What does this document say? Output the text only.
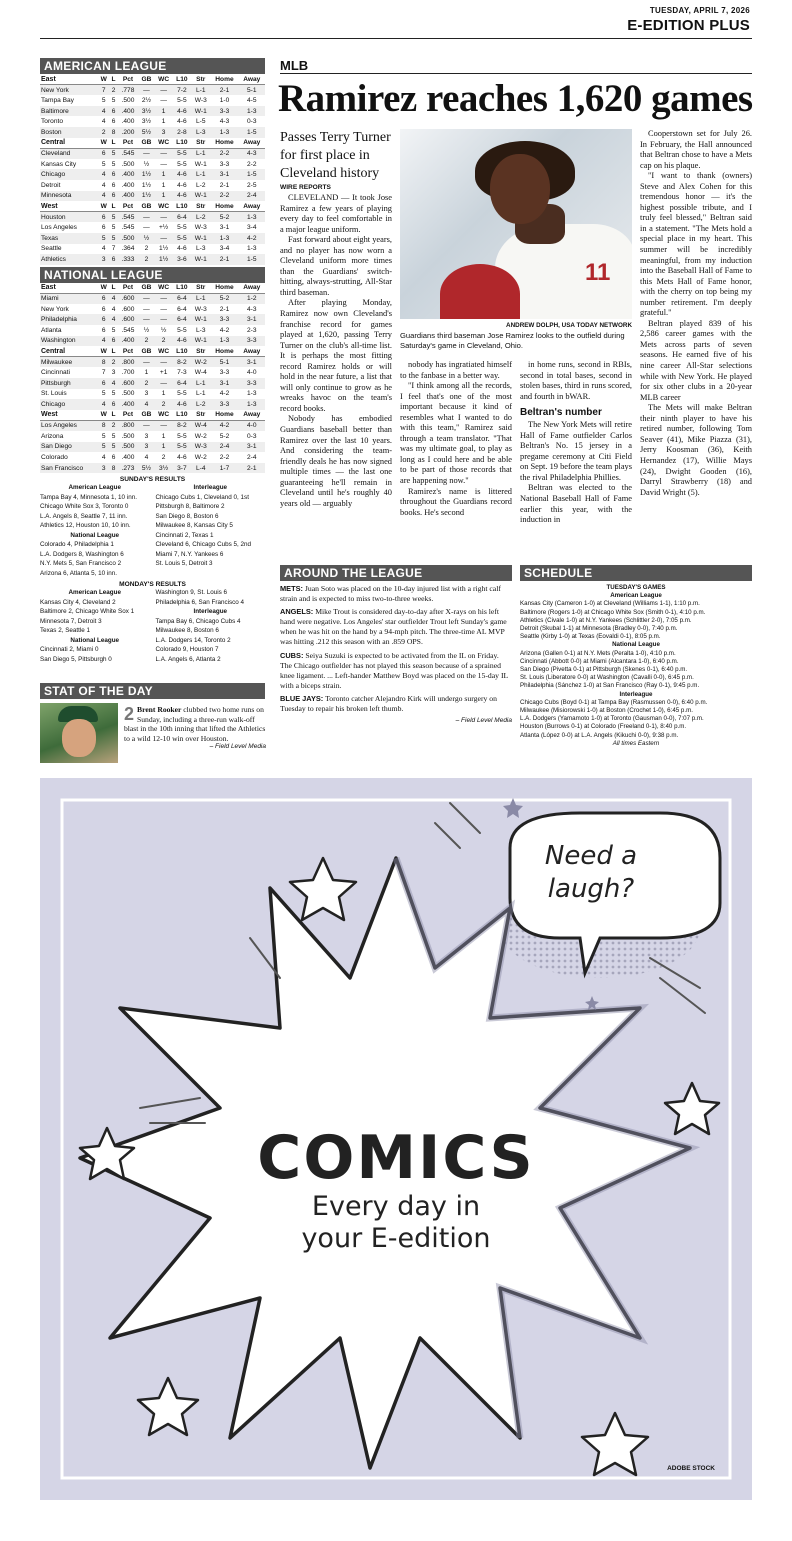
TUESDAY, APRIL 7, 2026
E-EDITION PLUS
AMERICAN LEAGUE
East	W	L	Pct	GB	WC	L10	Str	Home	Away
New York	7	2	.778	—	—	7-2	L-1	2-1	5-1
Tampa Bay	5	5	.500	2½	—	5-5	W-3	1-0	4-5
Baltimore	4	6	.400	3½	1	4-6	W-1	3-3	1-3
Toronto	4	6	.400	3½	1	4-6	L-5	4-3	0-3
Boston	2	8	.200	5½	3	2-8	L-3	1-3	1-5
Central	W	L	Pct	GB	WC	L10	Str	Home	Away
Cleveland	6	5	.545	—	—	5-5	L-1	2-2	4-3
Kansas City	5	5	.500	½	—	5-5	W-1	3-3	2-2
Chicago	4	6	.400	1½	1	4-6	L-1	3-1	1-5
Detroit	4	6	.400	1½	1	4-6	L-2	2-1	2-5
Minnesota	4	6	.400	1½	1	4-6	W-1	2-2	2-4
West	W	L	Pct	GB	WC	L10	Str	Home	Away
Houston	6	5	.545	—	—	6-4	L-2	5-2	1-3
Los Angeles	6	5	.545	—	+½	5-5	W-3	3-1	3-4
Texas	5	5	.500	½	—	5-5	W-1	1-3	4-2
Seattle	4	7	.364	2	1½	4-6	L-3	3-4	1-3
Athletics	3	6	.333	2	1½	3-6	W-1	2-1	1-5
NATIONAL LEAGUE
East	W	L	Pct	GB	WC	L10	Str	Home	Away
Miami	6	4	.600	—	—	6-4	L-1	5-2	1-2
New York	6	4	.600	—	—	6-4	W-3	2-1	4-3
Philadelphia	6	4	.600	—	—	6-4	W-1	3-3	3-1
Atlanta	6	5	.545	½	½	5-5	L-3	4-2	2-3
Washington	4	6	.400	2	2	4-6	W-1	1-3	3-3
Central	W	L	Pct	GB	WC	L10	Str	Home	Away
Milwaukee	8	2	.800	—	—	8-2	W-2	5-1	3-1
Cincinnati	7	3	.700	1	+1	7-3	W-4	3-3	4-0
Pittsburgh	6	4	.600	2	—	6-4	L-1	3-1	3-3
St. Louis	5	5	.500	3	1	5-5	L-1	4-2	1-3
Chicago	4	6	.400	4	2	4-6	L-2	3-3	1-3
West	W	L	Pct	GB	WC	L10	Str	Home	Away
Los Angeles	8	2	.800	—	—	8-2	W-4	4-2	4-0
Arizona	5	5	.500	3	1	5-5	W-2	5-2	0-3
San Diego	5	5	.500	3	1	5-5	W-3	2-4	3-1
Colorado	4	6	.400	4	2	4-6	W-2	2-2	2-4
San Francisco	3	8	.273	5½	3½	3-7	L-4	1-7	2-1
SUNDAY'S RESULTS
American League
Tampa Bay 4, Minnesota 1, 10 inn.
Chicago White Sox 3, Toronto 0
L.A. Angels 8, Seattle 7, 11 inn.
Athletics 12, Houston 10, 10 inn.
National League
Colorado 4, Philadelphia 1
L.A. Dodgers 8, Washington 6
N.Y. Mets 5, San Francisco 2
Arizona 6, Atlanta 5, 10 inn.
Interleague
Chicago Cubs 1, Cleveland 0, 1st
Pittsburgh 8, Baltimore 2
San Diego 8, Boston 6
Milwaukee 8, Kansas City 5
Cincinnati 2, Texas 1
Cleveland 6, Chicago Cubs 5, 2nd
Miami 7, N.Y. Yankees 6
St. Louis 5, Detroit 3
MONDAY'S RESULTS
American League
Kansas City 4, Cleveland 2
Baltimore 2, Chicago White Sox 1
Minnesota 7, Detroit 3
Texas 2, Seattle 1
National League
Cincinnati 2, Miami 0
San Diego 5, Pittsburgh 0
Washington 9, St. Louis 6
Philadelphia 6, San Francisco 4
Interleague
Tampa Bay 6, Chicago Cubs 4
Milwaukee 8, Boston 6
L.A. Dodgers 14, Toronto 2
Colorado 9, Houston 7
L.A. Angels 6, Atlanta 2
STAT OF THE DAY
2 Brent Rooker clubbed two home runs on Sunday, including a three-run walk-off blast in the 10th inning that lifted the Athletics to a wild 12-10 win over Houston.
– Field Level Media
MLB
Ramirez reaches 1,620 games
Passes Terry Turner for first place in Cleveland history
WIRE REPORTS

CLEVELAND — It took Jose Ramirez a few years of playing every day to feel comfortable in a major league uniform.

Fast forward about eight years, and no player has now worn a Cleveland uniform more times than the Guardians' switch-hitting, always-strutting, All-Star third baseman.

After playing Monday, Ramirez now own Cleveland's franchise record for games played at 1,620, passing Terry Turner on the club's all-time list. It is perhaps the most fitting record Ramirez holds or will hold in the near future, a list that will only continue to grow as he wreaks havoc on the team's record books.

Nobody has embodied Guardians baseball better than Ramirez over the last 10 years. And considering the team-friendly deals he has now signed multiple times — the last one guaranteeing he'll remain in Cleveland until he's roughly 40 years old — arguably

11
ANDREW DOLPH, USA TODAY NETWORK
Guardians third baseman Jose Ramirez looks to the outfield during Saturday's game in Cleveland, Ohio.

nobody has ingratiated himself to the fanbase in a better way.

"I think among all the records, I feel that's one of the most important because it kind of resembles what I wanted to do with this team," Ramirez said through a team translator. "That was my ultimate goal, to play as long as I could here and be able to be part of those records that are happening now."

Ramirez's name is littered throughout the Guardians record books. He's second

in home runs, second in RBIs, second in total bases, second in stolen bases, third in runs scored, and fourth in bWAR.

Beltran's number

The New York Mets will retire Hall of Fame outfielder Carlos Beltran's No. 15 jersey in a pregame ceremony at Citi Field on Sept. 19 before the team plays the rival Philadelphia Phillies.

Beltran was elected to the National Baseball Hall of Fame earlier this year, with the induction in

Cooperstown set for July 26. In February, the Hall announced that Beltran chose to have a Mets cap on his plaque.

"I want to thank (owners) Steve and Alex Cohen for this tremendous honor — it's the highest possible tribute, and I truly feel blessed," Beltran said in a statement. "The Mets hold a special place in my heart. This summer will be incredibly meaningful, from my induction into the Baseball Hall of Fame to this Mets Hall of Fame honor, with the cherry on top being my number retirement. I'm deeply grateful."

Beltran played 839 of his 2,586 career games with the Mets across parts of seven seasons. He earned five of his nine career All-Star selections while with New York. He played for six other clubs in a 20-year MLB career

The Mets will make Beltran their ninth player to have his retired number, following Tom Seaver (41), Mike Piazza (31), Jerry Koosman (36), Keith Hernandez (17), Willie Mays (24), Dwight Gooden (16), Darryl Strawberry (18) and David Wright (5).

AROUND THE LEAGUE

METS: Juan Soto was placed on the 10-day injured list with a right calf strain and is expected to miss two-to-three weeks.

ANGELS: Mike Trout is considered day-to-day after X-rays on his left hand were negative. Los Angeles' star outfielder Trout left Sunday's game when he was hit on the hand by a 94-mph pitch. The three-time AL MVP was hitting .212 this season with an .859 OPS.

CUBS: Seiya Suzuki is expected to be activated from the IL on Friday. The Chicago outfielder has not played this season because of a sprained knee ligament. ... Left-hander Matthew Boyd was placed on the 15-day IL with a biceps strain.

BLUE JAYS: Toronto catcher Alejandro Kirk will undergo surgery on Tuesday to repair his broken left thumb.

– Field Level Media
SCHEDULE
TUESDAY'S GAMES
American League
Kansas City (Cameron 1-0) at Cleveland (Williams 1-1), 1:10 p.m.
Baltimore (Rogers 1-0) at Chicago White Sox (Smith 0-1), 4:10 p.m.
Athletics (Civale 1-0) at N.Y. Yankees (Schlittler 2-0), 7:05 p.m.
Detroit (Skubal 1-1) at Minnesota (Bradley 0-0), 7:40 p.m.
Seattle (Kirby 1-0) at Texas (Eovaldi 0-1), 8:05 p.m.
National League
Arizona (Gallen 0-1) at N.Y. Mets (Peralta 1-0), 4:10 p.m.
Cincinnati (Abbott 0-0) at Miami (Alcantara 1-0), 6:40 p.m.
San Diego (Pivetta 0-1) at Pittsburgh (Skenes 0-1), 6:40 p.m.
St. Louis (Liberatore 0-0) at Washington (Cavalli 0-0), 6:45 p.m.
Philadelphia (Sánchez 1-0) at San Francisco (Ray 0-1), 9:45 p.m.
Interleague
Chicago Cubs (Boyd 0-1) at Tampa Bay (Rasmussen 0-0), 6:40 p.m.
Milwaukee (Misiorowski 1-0) at Boston (Crochet 1-0), 6:45 p.m.
L.A. Dodgers (Yamamoto 1-0) at Toronto (Gausman 0-0), 7:07 p.m.
Houston (Burrows 0-1) at Colorado (Freeland 0-1), 8:40 p.m.
Atlanta (López 0-0) at L.A. Angels (Kikuchi 0-0), 9:38 p.m.
All times Eastern
Need a
laugh?
COMICS
Every day in
your E-edition
ADOBE STOCK
